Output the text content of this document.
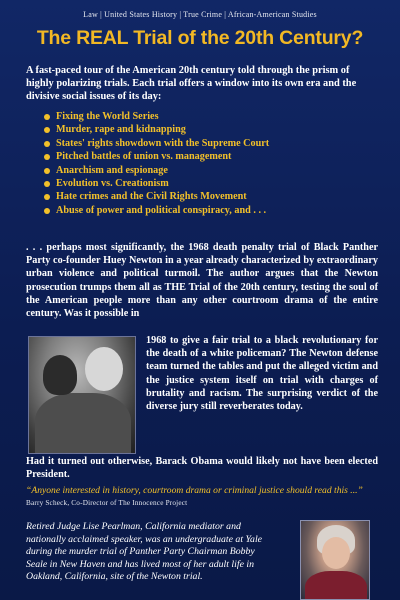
Law | United States History | True Crime | African-American Studies
The REAL Trial of the 20th Century?
A fast-paced tour of the American 20th century told through the prism of highly polarizing trials. Each trial offers a window into its own era and the divisive social issues of its day:
Fixing the World Series
Murder, rape and kidnapping
States' rights showdown with the Supreme Court
Pitched battles of union vs. management
Anarchism and espionage
Evolution vs. Creationism
Hate crimes and the Civil Rights Movement
Abuse of power and political conspiracy, and . . .
. . . perhaps most significantly, the 1968 death penalty trial of Black Panther Party co-founder Huey Newton in a year already characterized by extraordinary urban violence and political turmoil. The author argues that the Newton prosecution trumps them all as THE Trial of the 20th century, testing the soul of the American people more than any other courtroom drama of the entire century. Was it possible in
1968 to give a fair trial to a black revolutionary for the death of a white policeman? The Newton defense team turned the tables and put the alleged victim and the justice system itself on trial with charges of brutality and racism. The surprising verdict of the diverse jury still reverberates today.
Had it turned out otherwise, Barack Obama would likely not have been elected President.
“Anyone interested in history, courtroom drama or criminal justice should read this ...” Barry Scheck, Co-Director of The Innocence Project
Retired Judge Lise Pearlman, California mediator and nationally acclaimed speaker, was an undergraduate at Yale during the murder trial of Panther Party Chairman Bobby Seale in New Haven and has lived most of her adult life in Oakland, California, site of the Newton trial.
